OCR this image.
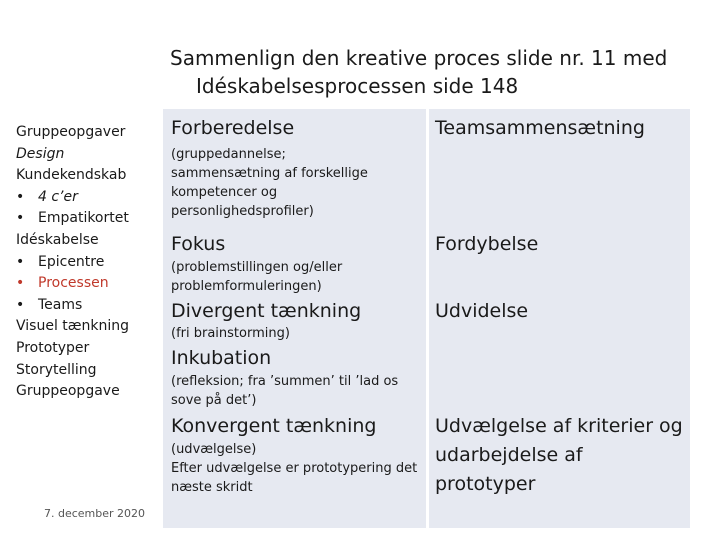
Sammenlign den kreative proces slide nr. 11 med

Idéskabelsesprocessen side 148
Gruppeopgaver
Design
Kundekendskab
• 4 c’er
• Empatikortet
Idéskabelse
• Epicentre
• Processen
• Teams
Visuel tænkning
Prototyper
Storytelling
Gruppeopgave
7. december 2020
Forberedelse
(gruppedannelse;
sammensætning af forskellige
kompetencer og
personlighedsprofiler)
Fokus
(problemstillingen og/eller
problemformuleringen)
Divergent tænkning
(fri brainstorming)
Inkubation
(refleksion; fra ’summen’ til ’lad os
sove på det’)
Konvergent tænkning
(udvælgelse)
Efter udvælgelse er prototypering det
næste skridt
Teamsammensætning
Fordybelse
Udvidelse
Udvælgelse af kriterier og
udarbejdelse af
prototyper
